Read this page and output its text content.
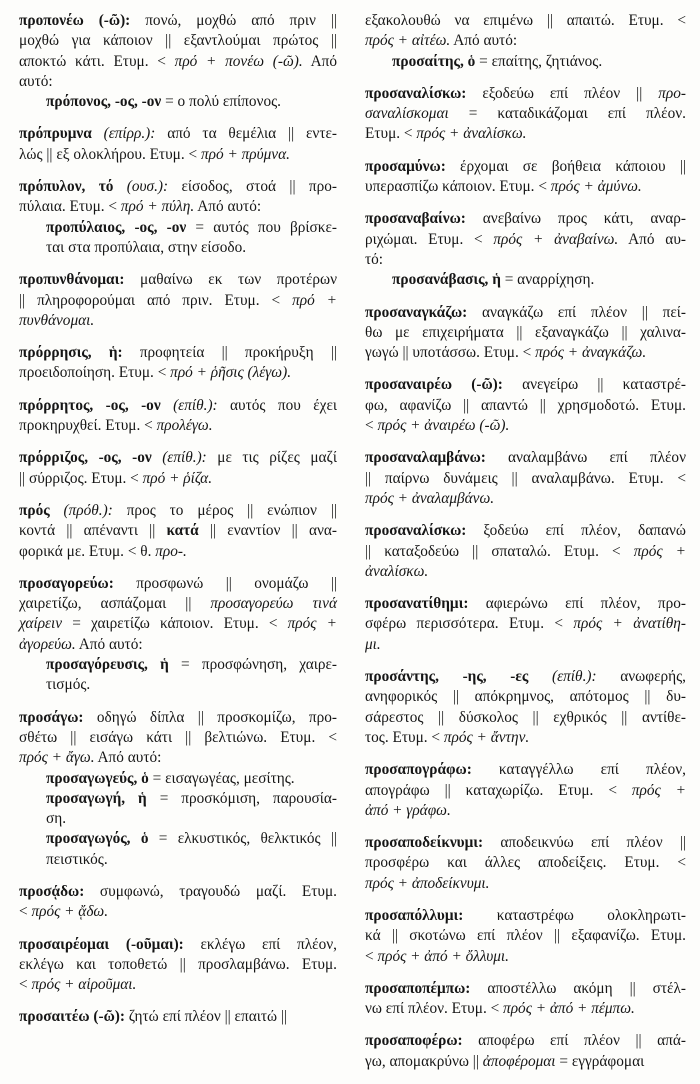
προπονέω (-ῶ): πονώ, μοχθώ από πριν ||
μοχθώ για κάποιον || εξαντλούμαι πρώτος ||
αποκτώ κάτι. Ετυμ. < πρό + πονέω (-ῶ). Από
αυτό:
πρόπονος, -ος, -ον = ο πολύ επίπονος.
πρόπρυμνα (επίρρ.): από τα θεμέλια || εντε-
λώς || εξ ολοκλήρου. Ετυμ. < πρό + πρύμνα.
πρόπυλον, τό (ουσ.): είσοδος, στοά || προ-
πύλαια. Ετυμ. < πρό + πύλη. Από αυτό:
προπύλαιος, -ος, -ον = αυτός που βρίσκε-
ται στα προπύλαια, στην είσοδο.
προπυνθάνομαι: μαθαίνω εκ των προτέρων
|| πληροφορούμαι από πριν. Ετυμ. < πρό +
πυνθάνομαι.
πρόρρησις, ἡ: προφητεία || προκήρυξη ||
προειδοποίηση. Ετυμ. < πρό + ῥῆσις (λέγω).
πρόρρητος, -ος, -ον (επίθ.): αυτός που έχει
προκηρυχθεί. Ετυμ. < προλέγω.
πρόρριζος, -ος, -ον (επίθ.): με τις ρίζες μαζί
|| σύρριζος. Ετυμ. < πρό + ῥίζα.
πρός (πρόθ.): προς το μέρος || ενώπιον ||
κοντά || απέναντι || κατά || εναντίον || ανα-
φορικά με. Ετυμ. < θ. προ-.
προσαγορεύω: προσφωνώ || ονομάζω ||
χαιρετίζω, ασπάζομαι || προσαγορεύω τινά
χαίρειν = χαιρετίζω κάποιον. Ετυμ. < πρός +
ἀγορεύω. Από αυτό:
προσαγόρευσις, ἡ = προσφώνηση, χαιρε-
τισμός.
προσάγω: οδηγώ δίπλα || προσκομίζω, προ-
σθέτω || εισάγω κάτι || βελτιώνω. Ετυμ. <
πρός + ἄγω. Από αυτό:
προσαγωγεύς, ὁ = εισαγωγέας, μεσίτης.
προσαγωγή, ἡ = προσκόμιση, παρουσία-
ση.
προσαγωγός, ὁ = ελκυστικός, θελκτικός ||
πειστικός.
προσᾴδω: συμφωνώ, τραγουδώ μαζί. Ετυμ.
< πρός + ᾄδω.
προσαιρέομαι (-οῦμαι): εκλέγω επί πλέον,
εκλέγω και τοποθετώ || προσλαμβάνω. Ετυμ.
< πρός + αἱροῦμαι.
προσαιτέω (-ῶ): ζητώ επί πλέον || επαιτώ ||
εξακολουθώ να επιμένω || απαιτώ. Ετυμ. <
πρός + αἰτέω. Από αυτό:
προσαίτης, ὁ = επαίτης, ζητιάνος.
προσαναλίσκω: εξοδεύω επί πλέον || προ-
σαναλίσκομαι = καταδικάζομαι επί πλέον.
Ετυμ. < πρός + ἀναλίσκω.
προσαμύνω: έρχομαι σε βοήθεια κάποιου ||
υπερασπίζω κάποιον. Ετυμ. < πρός + ἀμύνω.
προσαναβαίνω: ανεβαίνω προς κάτι, αναρ-
ριχώμαι. Ετυμ. < πρός + ἀναβαίνω. Από αυ-
τό:
προσανάβασις, ἡ = αναρρίχηση.
προσαναγκάζω: αναγκάζω επί πλέον || πεί-
θω με επιχειρήματα || εξαναγκάζω || χαλινα-
γωγώ || υποτάσσω. Ετυμ. < πρός + ἀναγκάζω.
προσαναιρέω (-ῶ): ανεγείρω || καταστρέ-
φω, αφανίζω || απαντώ || χρησμοδοτώ. Ετυμ.
< πρός + ἀναιρέω (-ῶ).
προσαναλαμβάνω: αναλαμβάνω επί πλέον
|| παίρνω δυνάμεις || αναλαμβάνω. Ετυμ. <
πρός + ἀναλαμβάνω.
προσαναλίσκω: ξοδεύω επί πλέον, δαπανώ
|| καταξοδεύω || σπαταλώ. Ετυμ. < πρός +
ἀναλίσκω.
προσανατίθημι: αφιερώνω επί πλέον, προ-
σφέρω περισσότερα. Ετυμ. < πρός + ἀνατίθη-
μι.
προσάντης, -ης, -ες (επίθ.): ανωφερής,
ανηφορικός || απόκρημνος, απότομος || δυ-
σάρεστος || δύσκολος || εχθρικός || αντίθε-
τος. Ετυμ. < πρός + ἄντην.
προσαπογράφω: καταγγέλλω επί πλέον,
απογράφω || καταχωρίζω. Ετυμ. < πρός +
ἀπό + γράφω.
προσαποδείκνυμι: αποδεικνύω επί πλέον ||
προσφέρω και άλλες αποδείξεις. Ετυμ. <
πρός + ἀποδείκνυμι.
προσαπόλλυμι: καταστρέφω ολοκληρωτι-
κά || σκοτώνω επί πλέον || εξαφανίζω. Ετυμ.
< πρός + ἀπό + ὄλλυμι.
προσαποπέμπω: αποστέλλω ακόμη || στέλ-
νω επί πλέον. Ετυμ. < πρός + ἀπό + πέμπω.
προσαποφέρω: αποφέρω επί πλέον || απά-
γω, απομακρύνω || ἀποφέρομαι = εγγράφομαι
